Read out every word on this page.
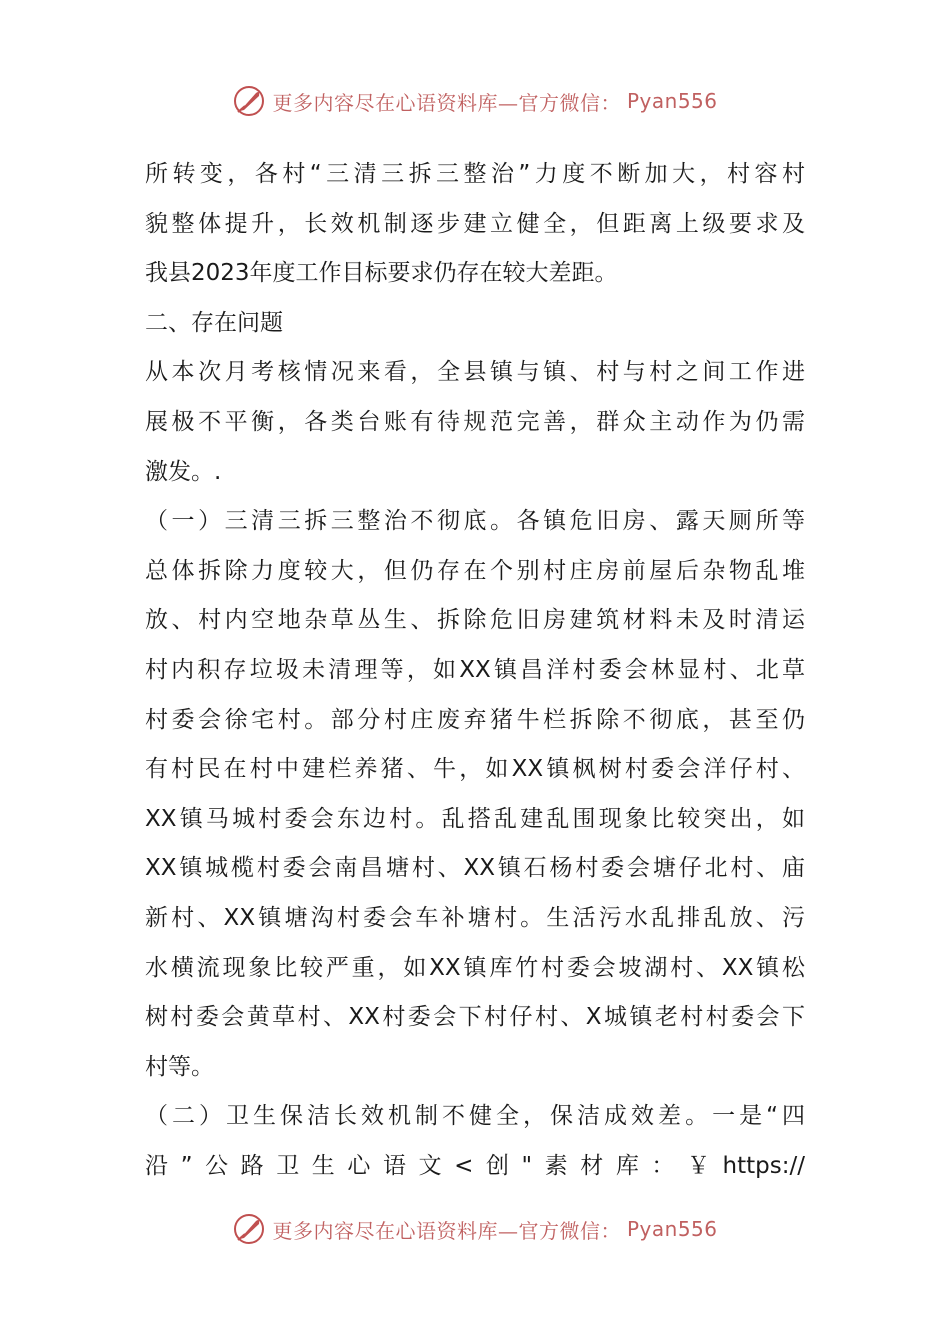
更多内容尽在心语资料库—官方微信： Pyan556
所转变，各村“三清三拆三整治”力度不断加大，村容村
貌整体提升，长效机制逐步建立健全，但距离上级要求及
我县2023年度工作目标要求仍存在较大差距。
二、存在问题
从本次月考核情况来看，全县镇与镇、村与村之间工作进
展极不平衡，各类台账有待规范完善，群众主动作为仍需
激发。.
（一）三清三拆三整治不彻底。各镇危旧房、露天厕所等
总体拆除力度较大，但仍存在个别村庄房前屋后杂物乱堆
放、村内空地杂草丛生、拆除危旧房建筑材料未及时清运
村内积存垃圾未清理等，如XX镇昌洋村委会林显村、北草
村委会徐宅村。部分村庄废弃猪牛栏拆除不彻底，甚至仍
有村民在村中建栏养猪、牛，如XX镇枫树村委会洋仔村、
XX镇马城村委会东边村。乱搭乱建乱围现象比较突出，如
XX镇城榄村委会南昌塘村、XX镇石杨村委会塘仔北村、庙
新村、XX镇塘沟村委会车补塘村。生活污水乱排乱放、污
水横流现象比较严重，如XX镇库竹村委会坡湖村、XX镇松
树村委会黄草村、XX村委会下村仔村、X城镇老村村委会下
村等。
（二）卫生保洁长效机制不健全，保洁成效差。一是“四
沿”公路卫生心语文<创"素材库：￥https://
更多内容尽在心语资料库—官方微信： Pyan556
